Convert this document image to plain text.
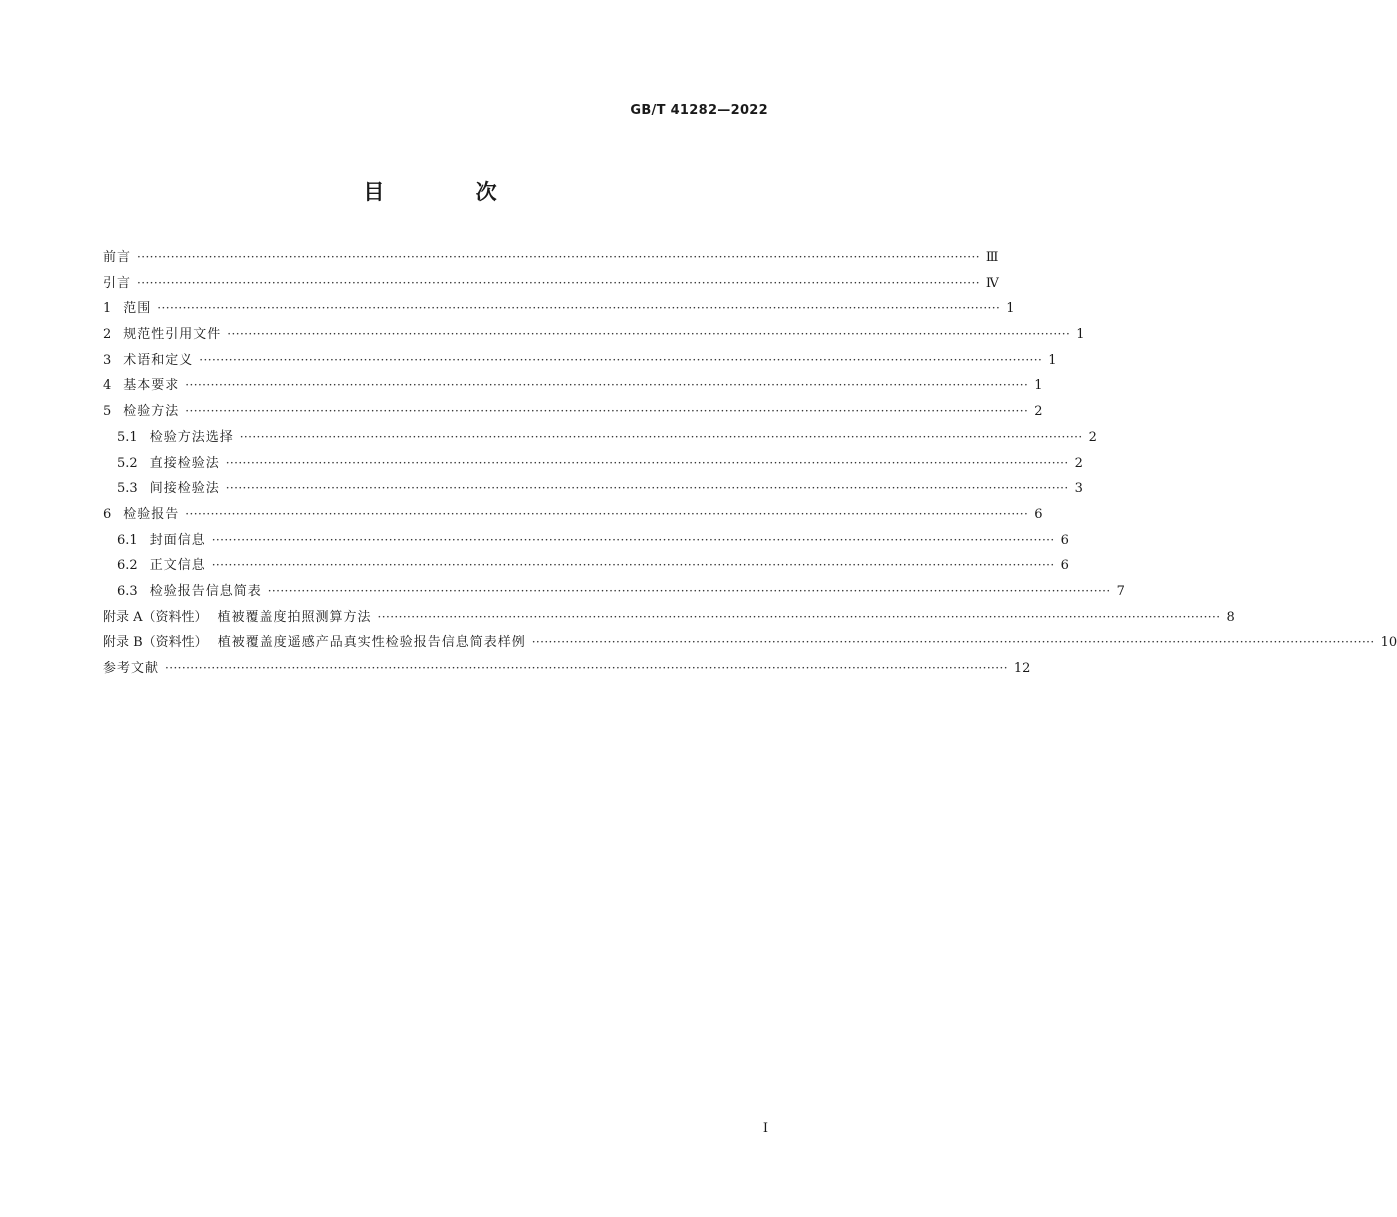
GB/T 41282—2022
目 次
前言 ········································································································································································································ Ⅲ
引言 ········································································································································································································ Ⅳ
1 范围 ········································································································································································································ 1
2 规范性引用文件 ········································································································································································································ 1
3 术语和定义 ········································································································································································································ 1
4 基本要求 ········································································································································································································ 1
5 检验方法 ········································································································································································································ 2
5.1 检验方法选择 ········································································································································································································ 2
5.2 直接检验法 ········································································································································································································ 2
5.3 间接检验法 ········································································································································································································ 3
6 检验报告 ········································································································································································································ 6
6.1 封面信息 ········································································································································································································ 6
6.2 正文信息 ········································································································································································································ 6
6.3 检验报告信息简表 ········································································································································································································ 7
附录 A（资料性） 植被覆盖度拍照测算方法 ········································································································································································································ 8
附录 B（资料性） 植被覆盖度遥感产品真实性检验报告信息简表样例 ········································································································································································································ 10
参考文献 ········································································································································································································ 12
I
